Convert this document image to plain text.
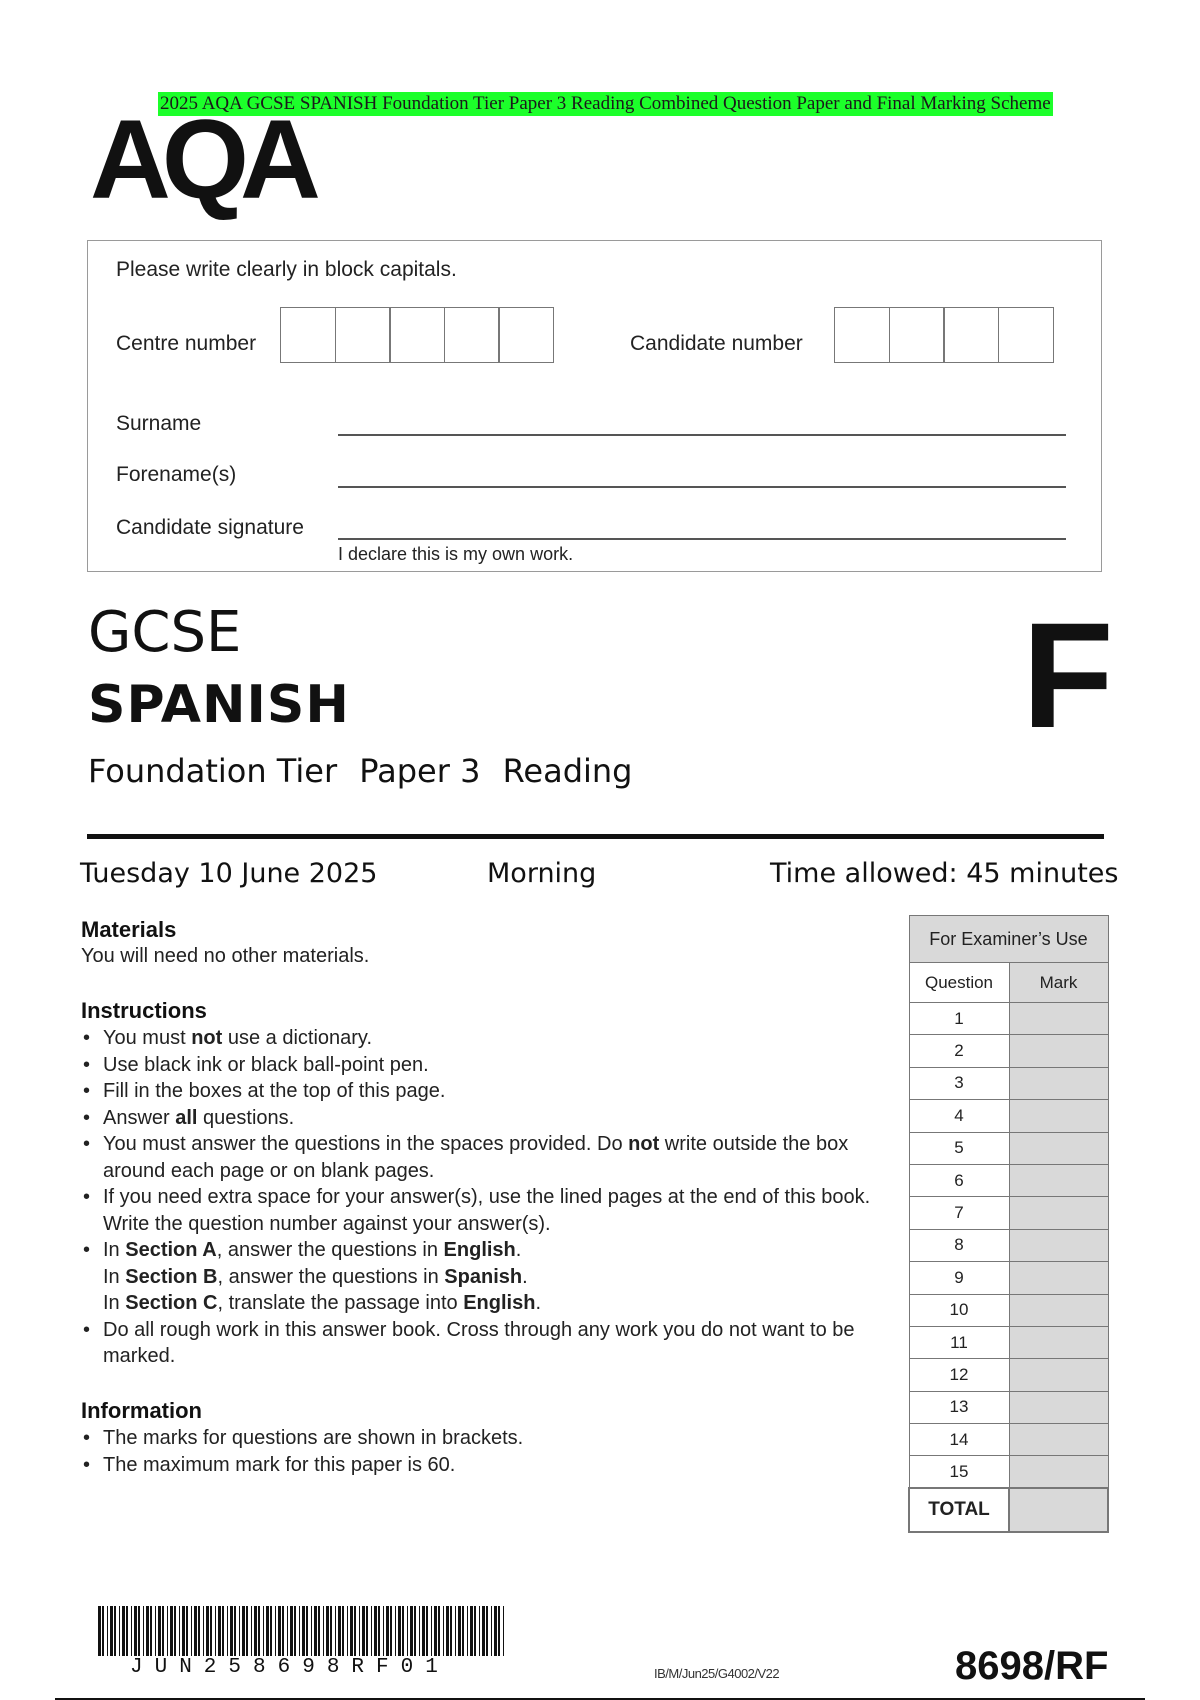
2025 AQA GCSE SPANISH Foundation Tier Paper 3 Reading Combined Question Paper and Final Marking Scheme
AQA
Please write clearly in block capitals.
Centre number	Candidate number
Surname
Forename(s)
Candidate signature
I declare this is my own work.
GCSE
SPANISH
Foundation Tier Paper 3 Reading
F
Tuesday 10 June 2025	Morning	Time allowed: 45 minutes
Materials
You will need no other materials.
Instructions
• You must not use a dictionary.
• Use black ink or black ball-point pen.
• Fill in the boxes at the top of this page.
• Answer all questions.
• You must answer the questions in the spaces provided. Do not write outside the box around each page or on blank pages.
• If you need extra space for your answer(s), use the lined pages at the end of this book. Write the question number against your answer(s).
• In Section A, answer the questions in English.
In Section B, answer the questions in Spanish.
In Section C, translate the passage into English.
• Do all rough work in this answer book. Cross through any work you do not want to be marked.
Information
• The marks for questions are shown in brackets.
• The maximum mark for this paper is 60.
For Examiner’s Use	
Question	Mark
1	
2	
3	
4	
5	
6	
7	
8	
9	
10	
11	
12	
13	
14	
15	
TOTAL	
JUN258698RF01	IB/M/Jun25/G4002/V22	8698/RF
